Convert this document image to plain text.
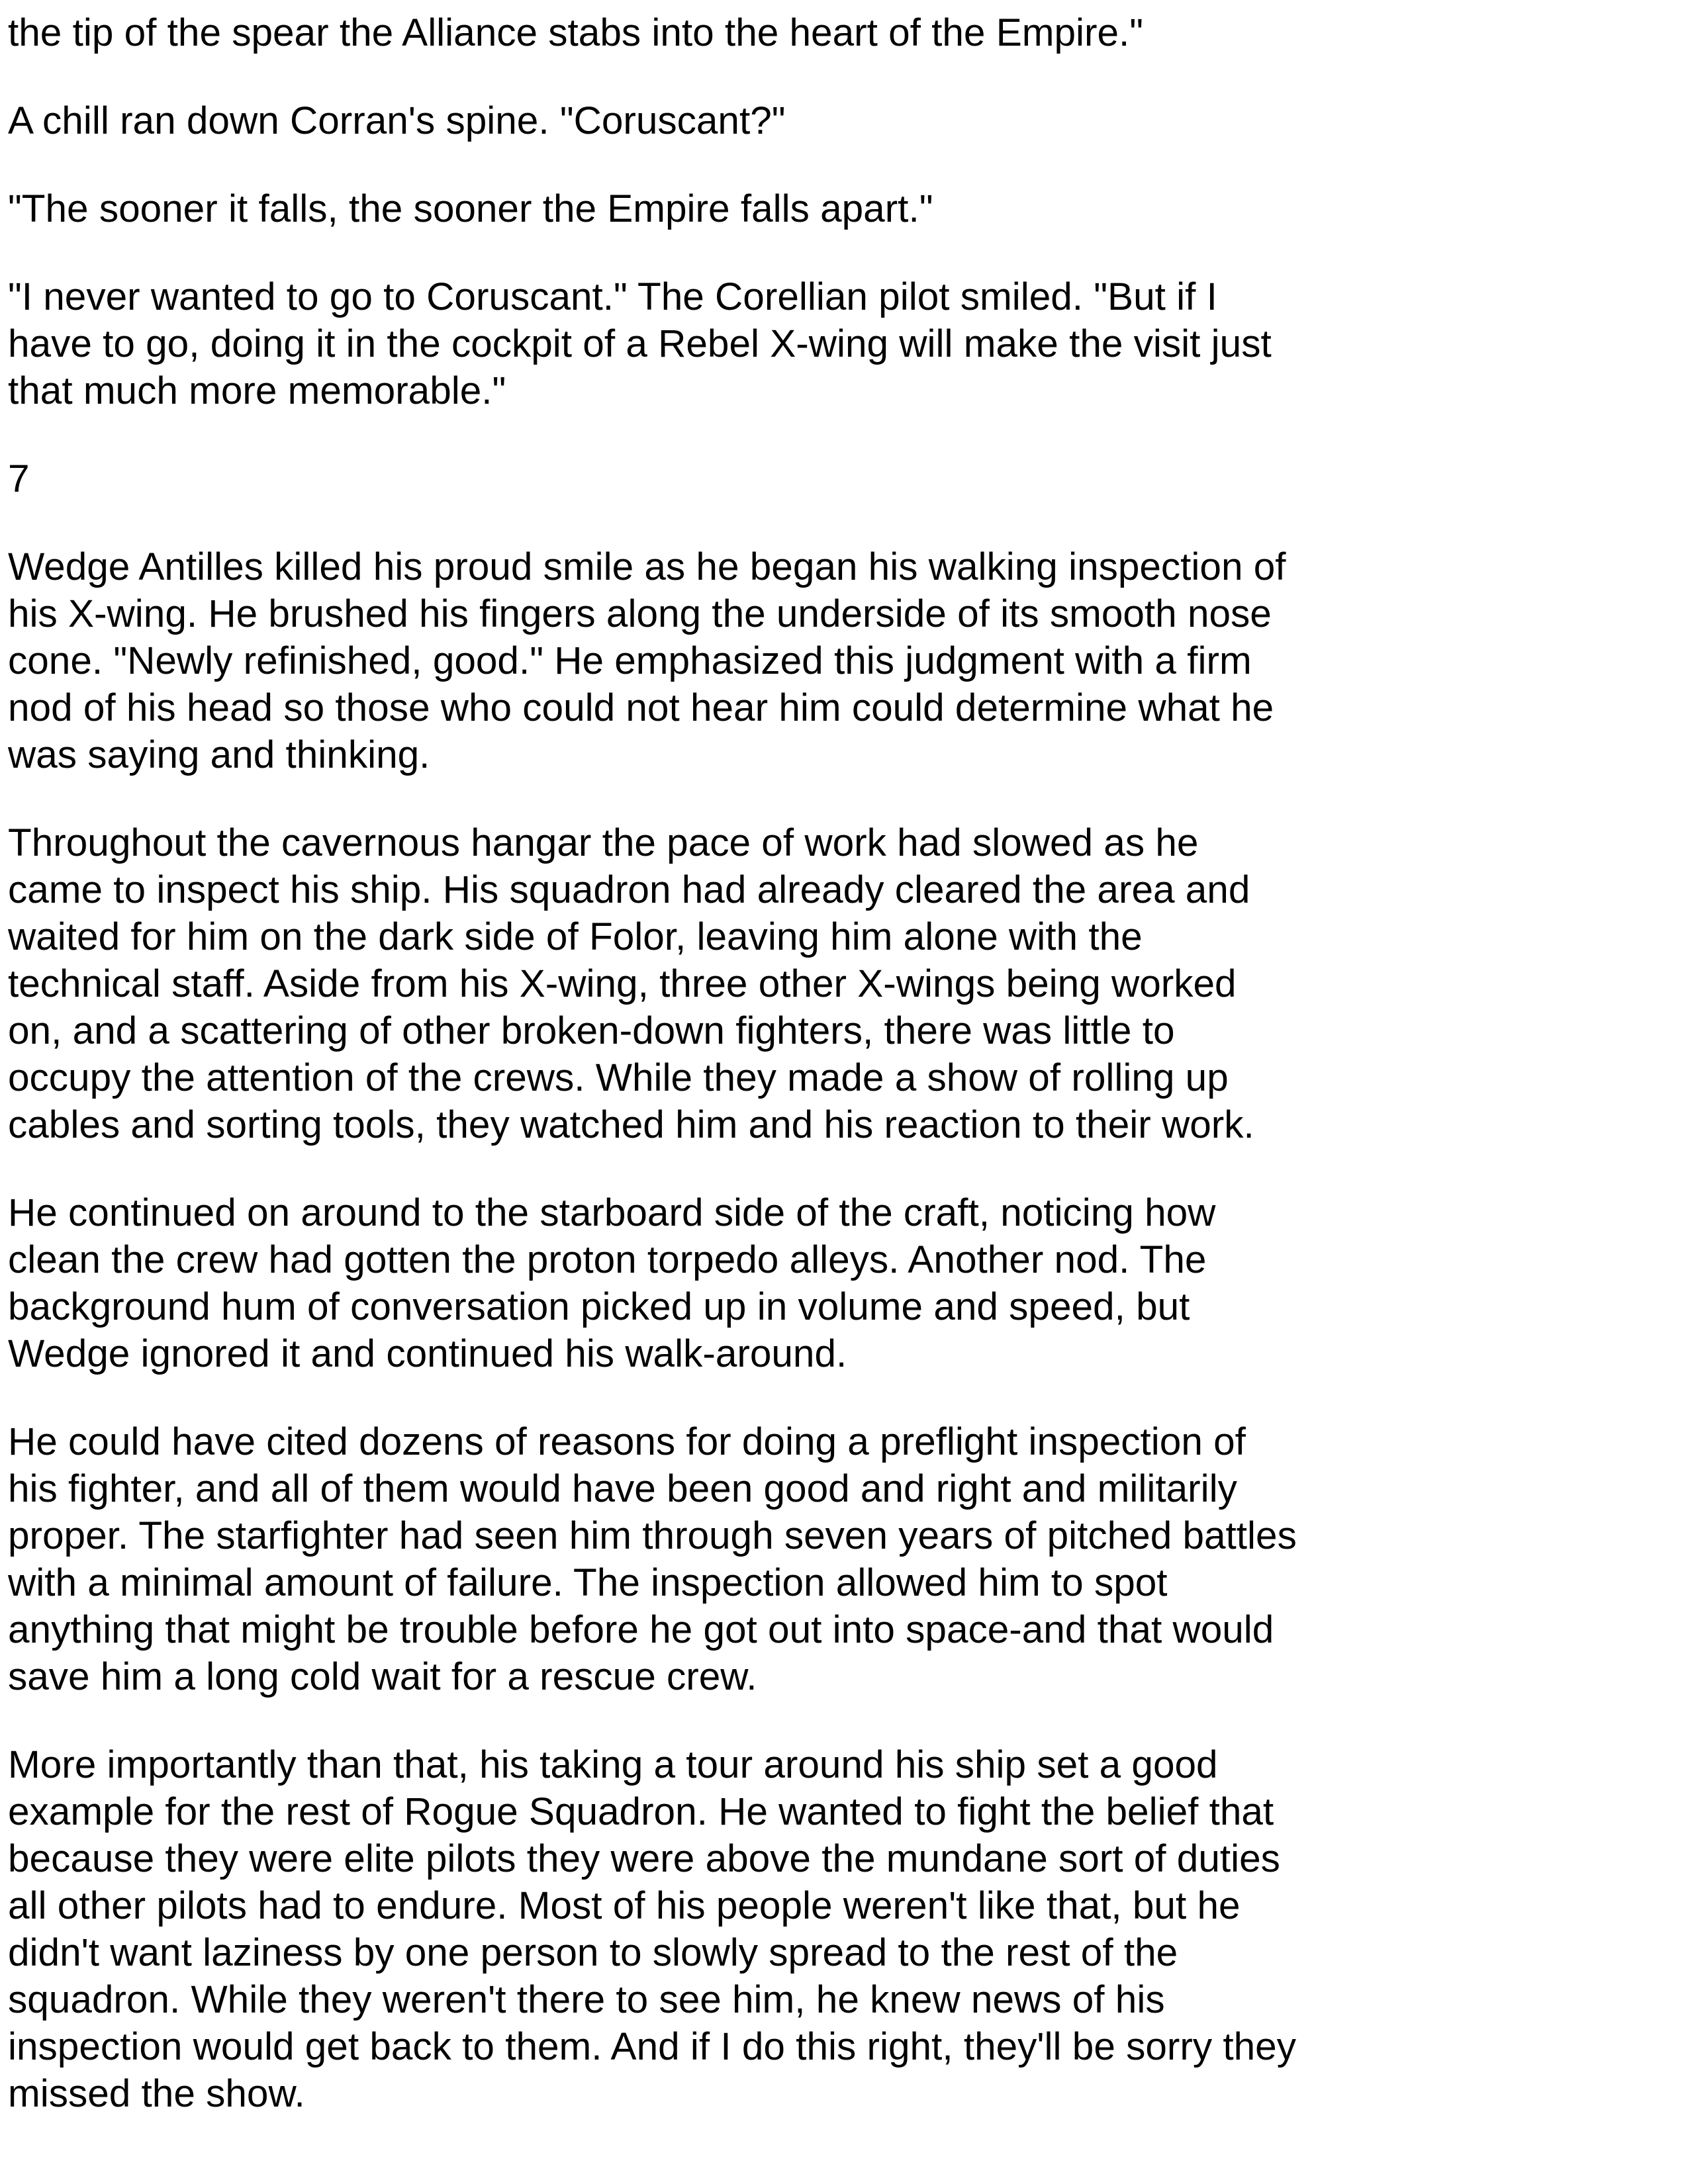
the tip of the spear the Alliance stabs into the heart of the Empire."

A chill ran down Corran's spine. "Coruscant?"

"The sooner it falls, the sooner the Empire falls apart."

"I never wanted to go to Coruscant." The Corellian pilot smiled. "But if I
have to go, doing it in the cockpit of a Rebel X-wing will make the visit just
that much more memorable."

7

Wedge Antilles killed his proud smile as he began his walking inspection of
his X-wing. He brushed his fingers along the underside of its smooth nose
cone. "Newly refinished, good." He emphasized this judgment with a firm
nod of his head so those who could not hear him could determine what he
was saying and thinking.

Throughout the cavernous hangar the pace of work had slowed as he
came to inspect his ship. His squadron had already cleared the area and
waited for him on the dark side of Folor, leaving him alone with the
technical staff. Aside from his X-wing, three other X-wings being worked
on, and a scattering of other broken-down fighters, there was little to
occupy the attention of the crews. While they made a show of rolling up
cables and sorting tools, they watched him and his reaction to their work.

He continued on around to the starboard side of the craft, noticing how
clean the crew had gotten the proton torpedo alleys. Another nod. The
background hum of conversation picked up in volume and speed, but
Wedge ignored it and continued his walk-around.

He could have cited dozens of reasons for doing a preflight inspection of
his fighter, and all of them would have been good and right and militarily
proper. The starfighter had seen him through seven years of pitched battles
with a minimal amount of failure. The inspection allowed him to spot
anything that might be trouble before he got out into space-and that would
save him a long cold wait for a rescue crew.

More importantly than that, his taking a tour around his ship set a good
example for the rest of Rogue Squadron. He wanted to fight the belief that
because they were elite pilots they were above the mundane sort of duties
all other pilots had to endure. Most of his people weren't like that, but he
didn't want laziness by one person to slowly spread to the rest of the
squadron. While they weren't there to see him, he knew news of his
inspection would get back to them. And if I do this right, they'll be sorry they
missed the show.
